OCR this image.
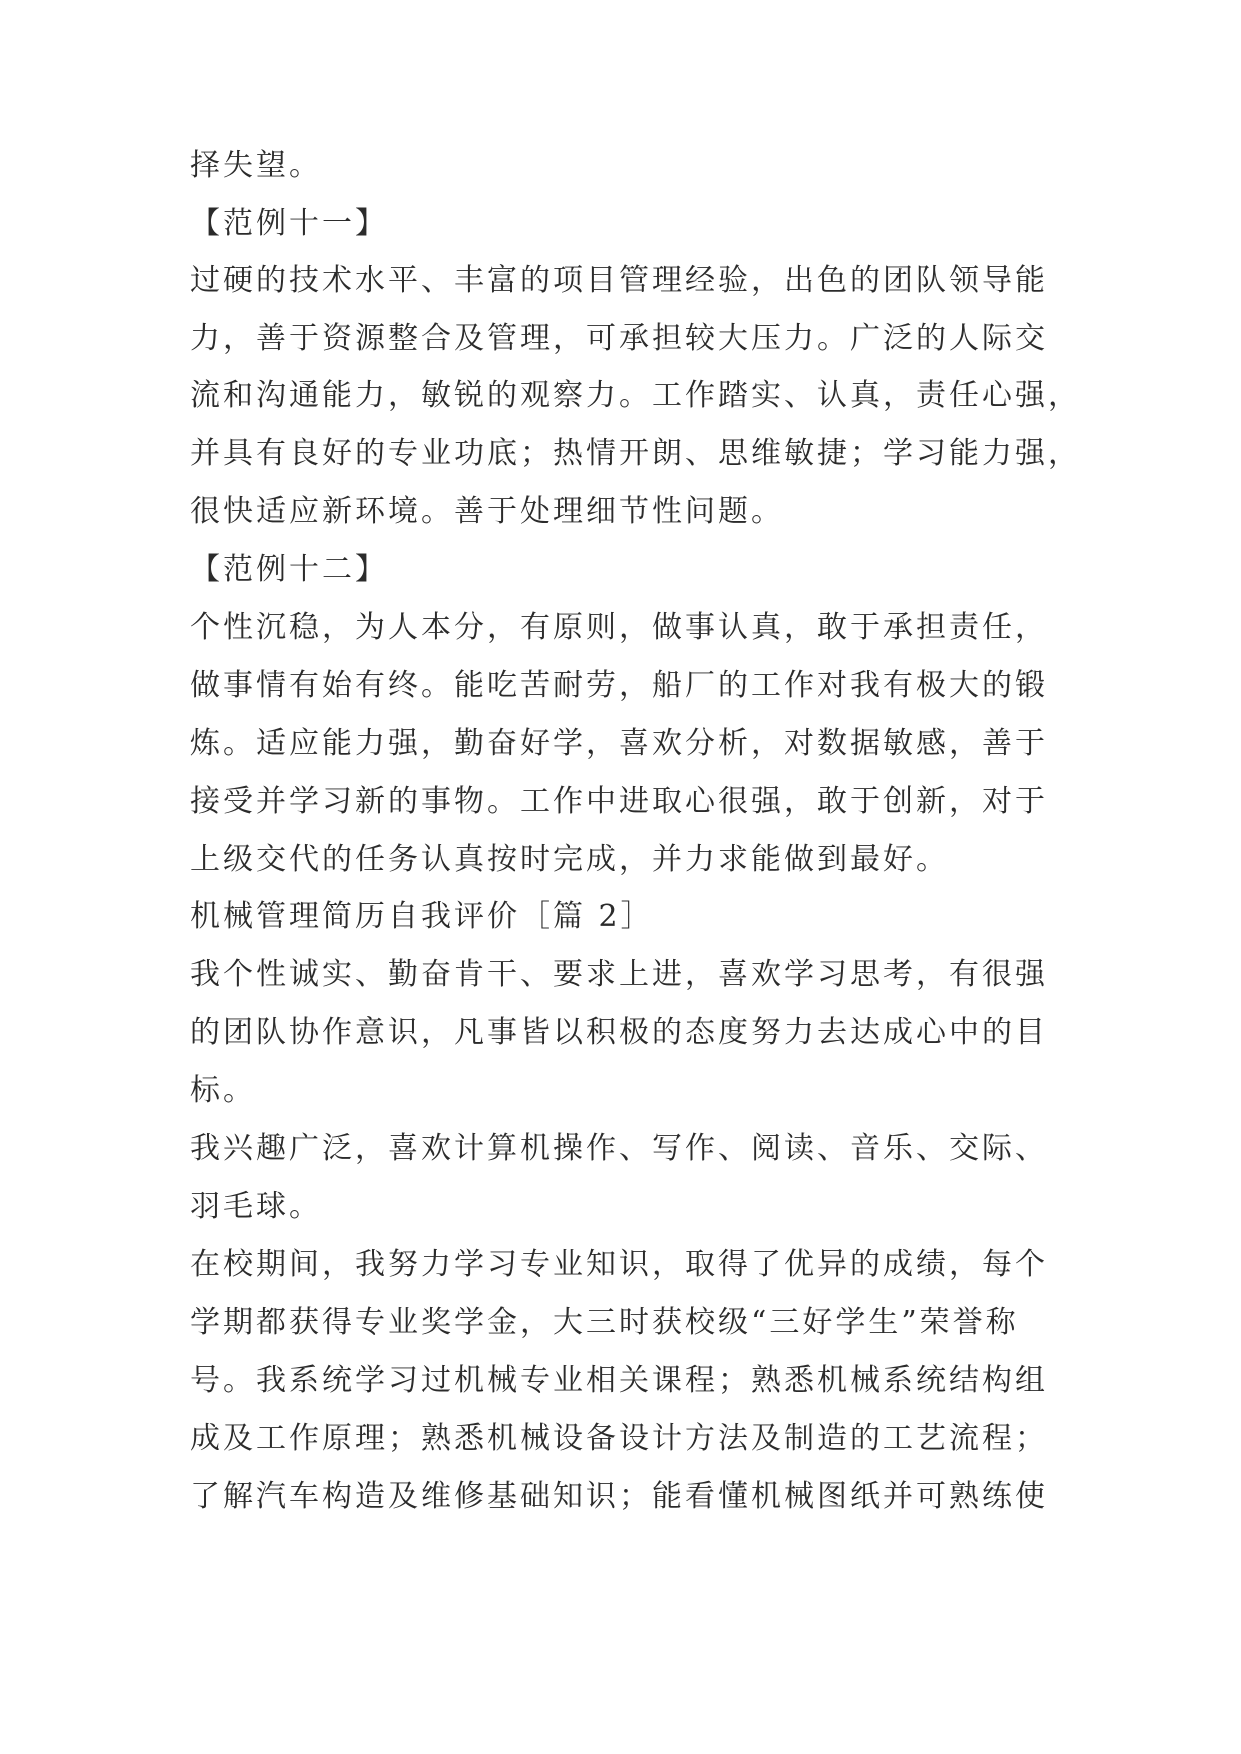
择失望。
【范例十一】
过硬的技术水平、丰富的项目管理经验，出色的团队领导能
力，善于资源整合及管理，可承担较大压力。广泛的人际交
流和沟通能力，敏锐的观察力。工作踏实、认真，责任心强，
并具有良好的专业功底；热情开朗、思维敏捷；学习能力强，
很快适应新环境。善于处理细节性问题。
【范例十二】
个性沉稳，为人本分，有原则，做事认真，敢于承担责任，
做事情有始有终。能吃苦耐劳，船厂的工作对我有极大的锻
炼。适应能力强，勤奋好学，喜欢分析，对数据敏感，善于
接受并学习新的事物。工作中进取心很强，敢于创新，对于
上级交代的任务认真按时完成，并力求能做到最好。
机械管理简历自我评价［篇 2］
我个性诚实、勤奋肯干、要求上进，喜欢学习思考，有很强
的团队协作意识，凡事皆以积极的态度努力去达成心中的目
标。
我兴趣广泛，喜欢计算机操作、写作、阅读、音乐、交际、
羽毛球。
在校期间，我努力学习专业知识，取得了优异的成绩，每个
学期都获得专业奖学金，大三时获校级“三好学生”荣誉称
号。我系统学习过机械专业相关课程；熟悉机械系统结构组
成及工作原理；熟悉机械设备设计方法及制造的工艺流程；
了解汽车构造及维修基础知识；能看懂机械图纸并可熟练使
